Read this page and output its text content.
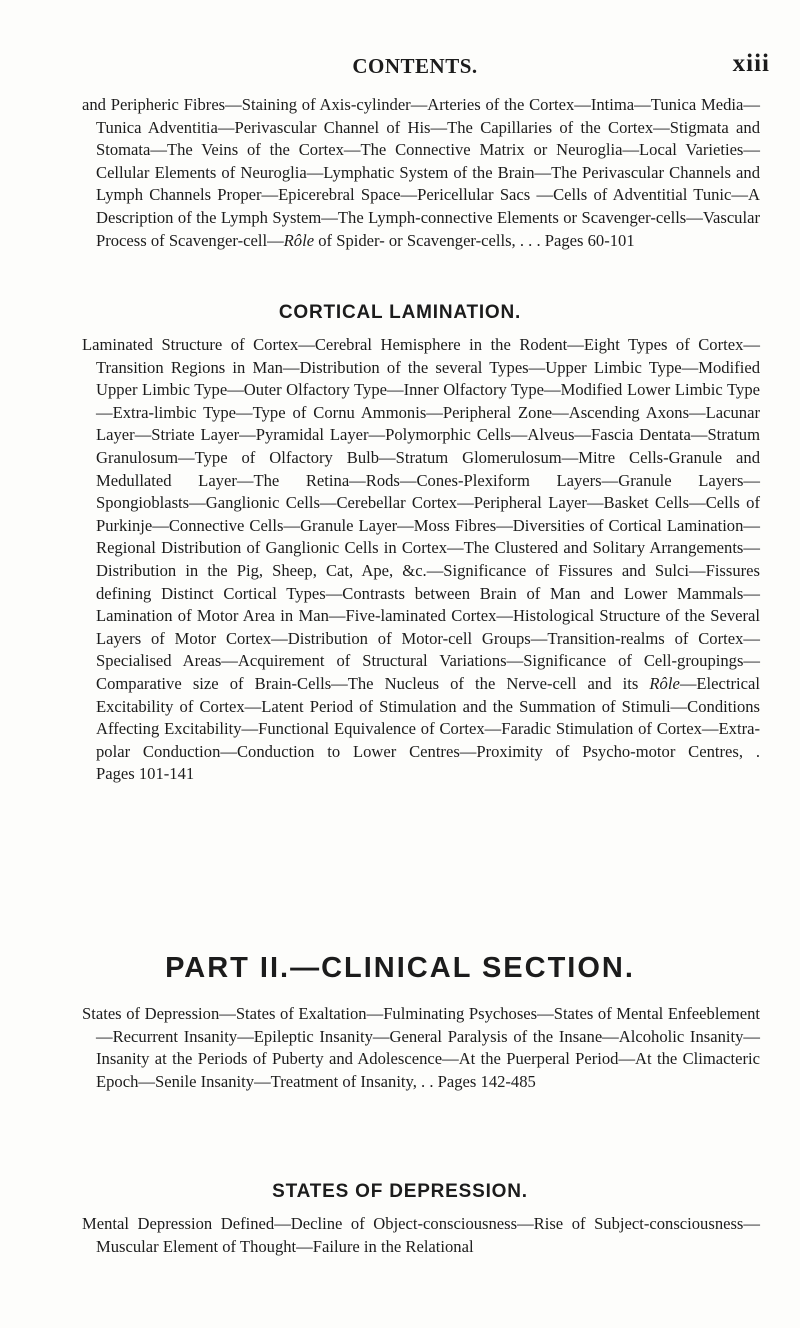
CONTENTS.	xiii

and Peripheric Fibres—Staining of Axis-cylinder—Arteries of the Cortex—Intima—Tunica Media—Tunica Adventitia—Perivascular Channel of His—The Capillaries of the Cortex—Stigmata and Stomata—The Veins of the Cortex—The Connective Matrix or Neuroglia—Local Varieties—Cellular Elements of Neuroglia—Lymphatic System of the Brain—The Perivascular Channels and Lymph Channels Proper—Epicerebral Space—Pericellular Sacs —Cells of Adventitial Tunic—A Description of the Lymph System—The Lymph-connective Elements or Scavenger-cells—Vascular Process of Scavenger-cell—Rôle of Spider- or Scavenger-cells, . . . Pages 60-101

CORTICAL LAMINATION.

Laminated Structure of Cortex—Cerebral Hemisphere in the Rodent—Eight Types of Cortex—Transition Regions in Man—Distribution of the several Types—Upper Limbic Type—Modified Upper Limbic Type—Outer Olfactory Type—Inner Olfactory Type—Modified Lower Limbic Type—Extra-limbic Type—Type of Cornu Ammonis—Peripheral Zone—Ascending Axons—Lacunar Layer—Striate Layer—Pyramidal Layer—Polymorphic Cells—Alveus—Fascia Dentata—Stratum Granulosum—Type of Olfactory Bulb—Stratum Glomerulosum—Mitre Cells-Granule and Medullated Layer—The Retina—Rods—Cones-Plexiform Layers—Granule Layers—Spongioblasts—Ganglionic Cells—Cerebellar Cortex—Peripheral Layer—Basket Cells—Cells of Purkinje—Connective Cells—Granule Layer—Moss Fibres—Diversities of Cortical Lamination—Regional Distribution of Ganglionic Cells in Cortex—The Clustered and Solitary Arrangements—Distribution in the Pig, Sheep, Cat, Ape, &c.—Significance of Fissures and Sulci—Fissures defining Distinct Cortical Types—Contrasts between Brain of Man and Lower Mammals—Lamination of Motor Area in Man—Five-laminated Cortex—Histological Structure of the Several Layers of Motor Cortex—Distribution of Motor-cell Groups—Transition-realms of Cortex—Specialised Areas—Acquirement of Structural Variations—Significance of Cell-groupings—Comparative size of Brain-Cells—The Nucleus of the Nerve-cell and its Rôle—Electrical Excitability of Cortex—Latent Period of Stimulation and the Summation of Stimuli—Conditions Affecting Excitability—Functional Equivalence of Cortex—Faradic Stimulation of Cortex—Extra-polar Conduction—Conduction to Lower Centres—Proximity of Psycho-motor Centres, . Pages 101-141

PART II.—CLINICAL SECTION.

States of Depression—States of Exaltation—Fulminating Psychoses—States of Mental Enfeeblement—Recurrent Insanity—Epileptic Insanity—General Paralysis of the Insane—Alcoholic Insanity—Insanity at the Periods of Puberty and Adolescence—At the Puerperal Period—At the Climacteric Epoch—Senile Insanity—Treatment of Insanity, . . Pages 142-485

STATES OF DEPRESSION.

Mental Depression Defined—Decline of Object-consciousness—Rise of Subject-consciousness—Muscular Element of Thought—Failure in the Relational
